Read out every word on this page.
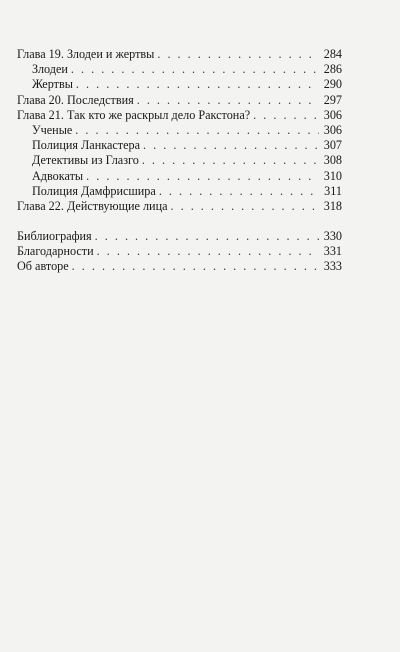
Глава 19. Злодеи и жертвы . . .	284
Злодеи . . .	286
Жертвы . . .	290
Глава 20. Последствия . . .	297
Глава 21. Так кто же раскрыл дело Ракстона? . . .	306
Ученые . . .	306
Полиция Ланкастера . . .	307
Детективы из Глазго . . .	308
Адвокаты . . .	310
Полиция Дамфрисшира . . .	311
Глава 22. Действующие лица . . .	318
Библиография . . .	330
Благодарности . . .	331
Об авторе . . .	333
